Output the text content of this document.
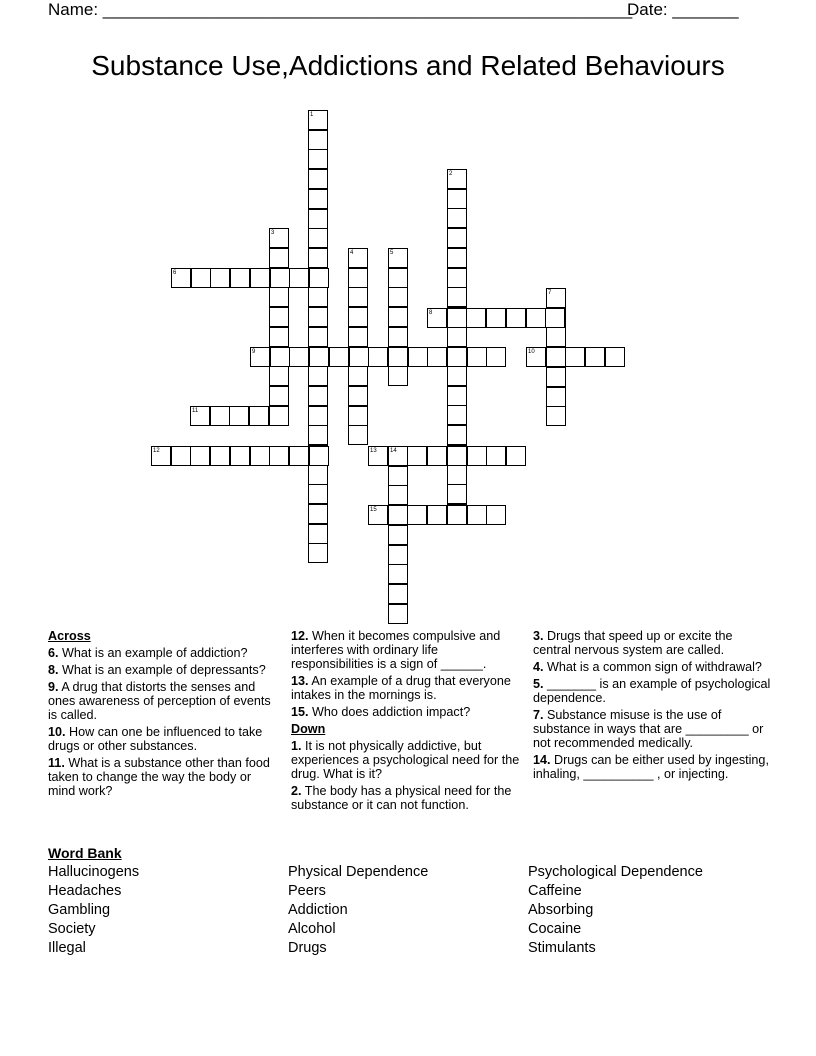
Name: ________________________________________________________
Date: _______
Substance Use,Addictions and Related Behaviours
1
2
3
4	5
6
7
8
9	10
11
12	13 14
15
Across
6. What is an example of addiction?
8. What is an example of depressants?
9. A drug that distorts the senses and ones awareness of perception of events is called.
10. How can one be influenced to take drugs or other substances.
11. What is a substance other than food taken to change the way the body or mind work?
12. When it becomes compulsive and interferes with ordinary life responsibilities is a sign of ______.
13. An example of a drug that everyone intakes in the mornings is.
15. Who does addiction impact?
Down
1. It is not physically addictive, but experiences a psychological need for the drug. What is it?
2. The body has a physical need for the substance or it can not function.
3. Drugs that speed up or excite the central nervous system are called.
4. What is a common sign of withdrawal?
5. _______ is an example of psychological dependence.
7. Substance misuse is the use of substance in ways that are _________ or not recommended medically.
14. Drugs can be either used by ingesting, inhaling, __________ , or injecting.
Word Bank
Hallucinogens
Headaches
Gambling
Society
Illegal
Physical Dependence
Peers
Addiction
Alcohol
Drugs
Psychological Dependence
Caffeine
Absorbing
Cocaine
Stimulants
